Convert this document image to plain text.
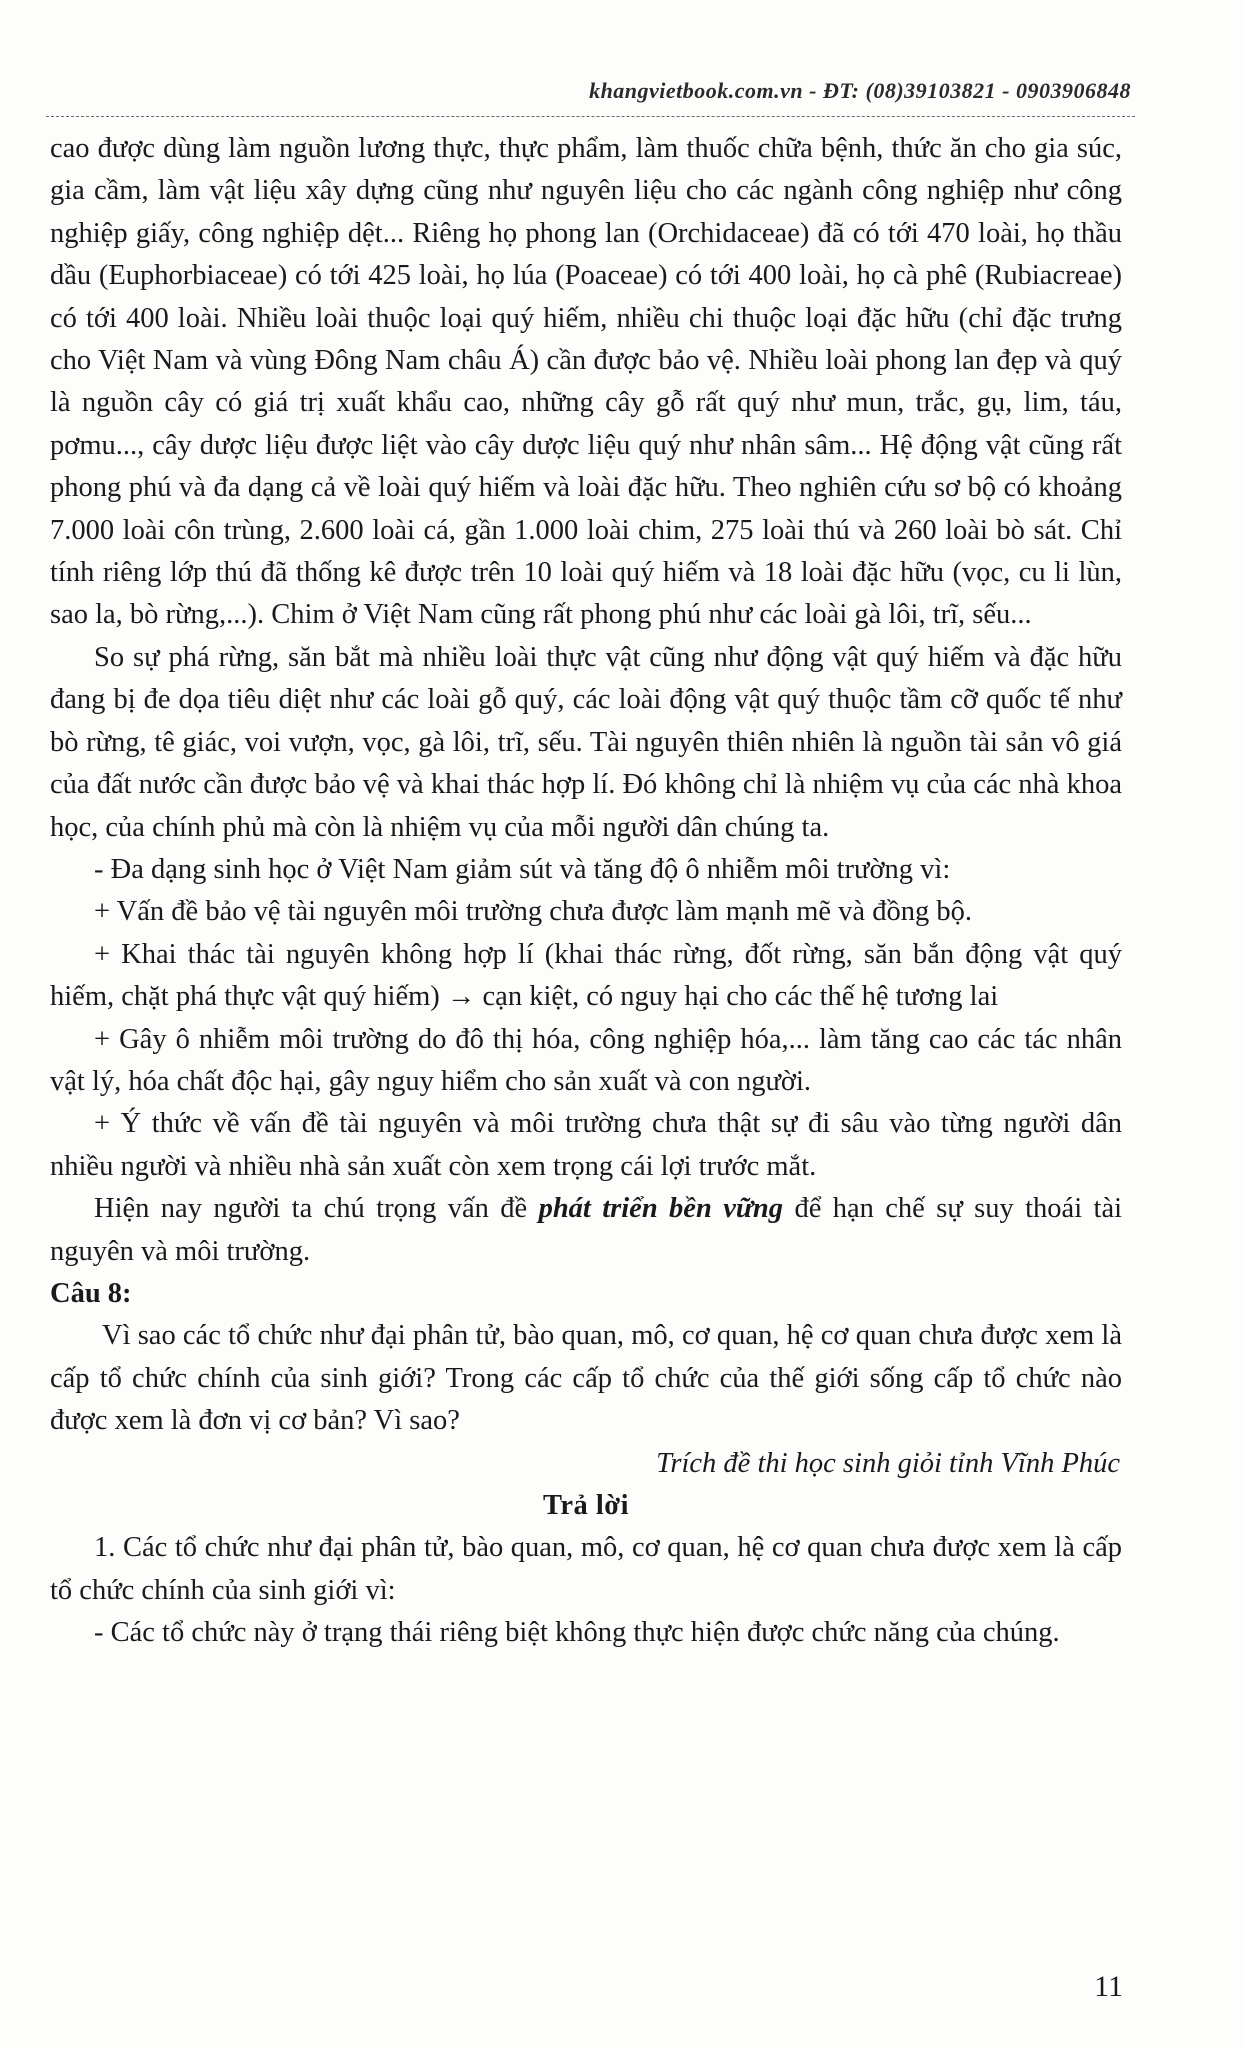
khangvietbook.com.vn - ĐT: (08)39103821 - 0903906848

cao được dùng làm nguồn lương thực, thực phẩm, làm thuốc chữa bệnh, thức ăn cho gia súc, gia cầm, làm vật liệu xây dựng cũng như nguyên liệu cho các ngành công nghiệp như công nghiệp giấy, công nghiệp dệt... Riêng họ phong lan (Orchidaceae) đã có tới 470 loài, họ thầu dầu (Euphorbiaceae) có tới 425 loài, họ lúa (Poaceae) có tới 400 loài, họ cà phê (Rubiacreae) có tới 400 loài. Nhiều loài thuộc loại quý hiếm, nhiều chi thuộc loại đặc hữu (chỉ đặc trưng cho Việt Nam và vùng Đông Nam châu Á) cần được bảo vệ. Nhiều loài phong lan đẹp và quý là nguồn cây có giá trị xuất khẩu cao, những cây gỗ rất quý như mun, trắc, gụ, lim, táu, pơmu..., cây dược liệu được liệt vào cây dược liệu quý như nhân sâm... Hệ động vật cũng rất phong phú và đa dạng cả về loài quý hiếm và loài đặc hữu. Theo nghiên cứu sơ bộ có khoảng 7.000 loài côn trùng, 2.600 loài cá, gần 1.000 loài chim, 275 loài thú và 260 loài bò sát. Chỉ tính riêng lớp thú đã thống kê được trên 10 loài quý hiếm và 18 loài đặc hữu (vọc, cu li lùn, sao la, bò rừng,...). Chim ở Việt Nam cũng rất phong phú như các loài gà lôi, trĩ, sếu...

So sự phá rừng, săn bắt mà nhiều loài thực vật cũng như động vật quý hiếm và đặc hữu đang bị đe dọa tiêu diệt như các loài gỗ quý, các loài động vật quý thuộc tầm cỡ quốc tế như bò rừng, tê giác, voi vượn, vọc, gà lôi, trĩ, sếu. Tài nguyên thiên nhiên là nguồn tài sản vô giá của đất nước cần được bảo vệ và khai thác hợp lí. Đó không chỉ là nhiệm vụ của các nhà khoa học, của chính phủ mà còn là nhiệm vụ của mỗi người dân chúng ta.

- Đa dạng sinh học ở Việt Nam giảm sút và tăng độ ô nhiễm môi trường vì:

+ Vấn đề bảo vệ tài nguyên môi trường chưa được làm mạnh mẽ và đồng bộ.

+ Khai thác tài nguyên không hợp lí (khai thác rừng, đốt rừng, săn bắn động vật quý hiếm, chặt phá thực vật quý hiếm) → cạn kiệt, có nguy hại cho các thế hệ tương lai

+ Gây ô nhiễm môi trường do đô thị hóa, công nghiệp hóa,... làm tăng cao các tác nhân vật lý, hóa chất độc hại, gây nguy hiểm cho sản xuất và con người.

+ Ý thức về vấn đề tài nguyên và môi trường chưa thật sự đi sâu vào từng người dân nhiều người và nhiều nhà sản xuất còn xem trọng cái lợi trước mắt.

Hiện nay người ta chú trọng vấn đề phát triển bền vững để hạn chế sự suy thoái tài nguyên và môi trường.

Câu 8:

Vì sao các tổ chức như đại phân tử, bào quan, mô, cơ quan, hệ cơ quan chưa được xem là cấp tổ chức chính của sinh giới? Trong các cấp tổ chức của thế giới sống cấp tổ chức nào được xem là đơn vị cơ bản? Vì sao?

Trích đề thi học sinh giỏi tỉnh Vĩnh Phúc

Trả lời

1. Các tổ chức như đại phân tử, bào quan, mô, cơ quan, hệ cơ quan chưa được xem là cấp tổ chức chính của sinh giới vì:

- Các tổ chức này ở trạng thái riêng biệt không thực hiện được chức năng của chúng.

11
